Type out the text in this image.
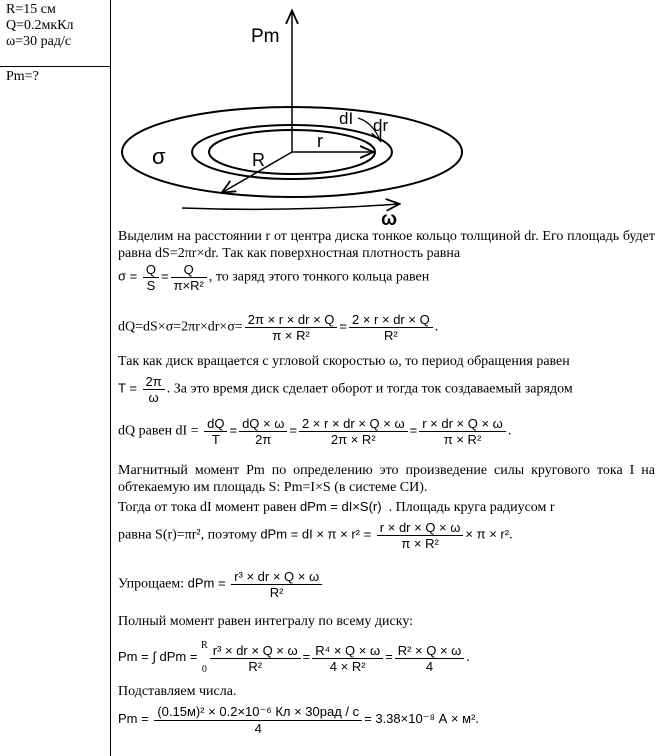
R=15 см
Q=0.2мкКл
ω=30 рад/с
Pm=?
Pm
σ	R
r
dI dr
ω
Выделим на расстоянии r от центра диска тонкое кольцо толщиной dr. Его площадь будет равна dS=2πr×dr. Так как поверхностная плотность равна
$\sigma = \frac{Q}{S} = \frac{Q}{\text{π×R²}}$ , то заряд этого тонкого кольца равен
$dQ=dS\times\sigma=2\pi r\times dr\times\sigma= \frac{2\pi \times r \times dr \times Q}{\text{π × R²}} = \frac{2 \times r \times dr \times Q}{\text{R²}}$ .
Так как диск вращается с угловой скоростью ω, то период обращения равен
$T = \frac{2\pi}{\omega}$ . За это время диск сделает оборот и тогда ток создаваемый зарядом
dQ равен dI = $\frac{dQ}{T} = \frac{dQ \times \omega}{2\pi} = \frac{2 \times r \times dr \times Q \times \omega}{\text{2π × R²}} = \frac{r \times dr \times Q \times \omega}{\text{π × R²}}$ .
Магнитный момент Pm по определению это произведение силы кругового тока I на обтекаемую им площадь S: Pm=I×S (в системе СИ).
Тогда от тока dI момент равен dPm = dI×S(r) . Площадь круга радиусом r
равна S(r)=πr², поэтому dPm = dI × $\pi \times r^2 = \frac{r \times dr \times Q \times \omega}{\text{π × R²}} \times \pi \times r^2$.
Упрощаем: dPm = $\frac{\text{r³ × dr × Q × ω}}{\text{R²}}$
Полный момент равен интегралу по всему диску:
Pm = ∫ dPm =
R
$0 \frac{\text{r³ × dr × Q × ω}}{\text{R²}} = \frac{\text{R⁴ × Q × ω}}{\text{4 × R²}} = \frac{\text{R² × Q × ω}}{4}$ .
Подставляем числа.
Pm = (0.15м)² × 0.2×10⁻⁶ Кл × 30рад / с
4
= 3.38×10⁻⁸ А × м².
